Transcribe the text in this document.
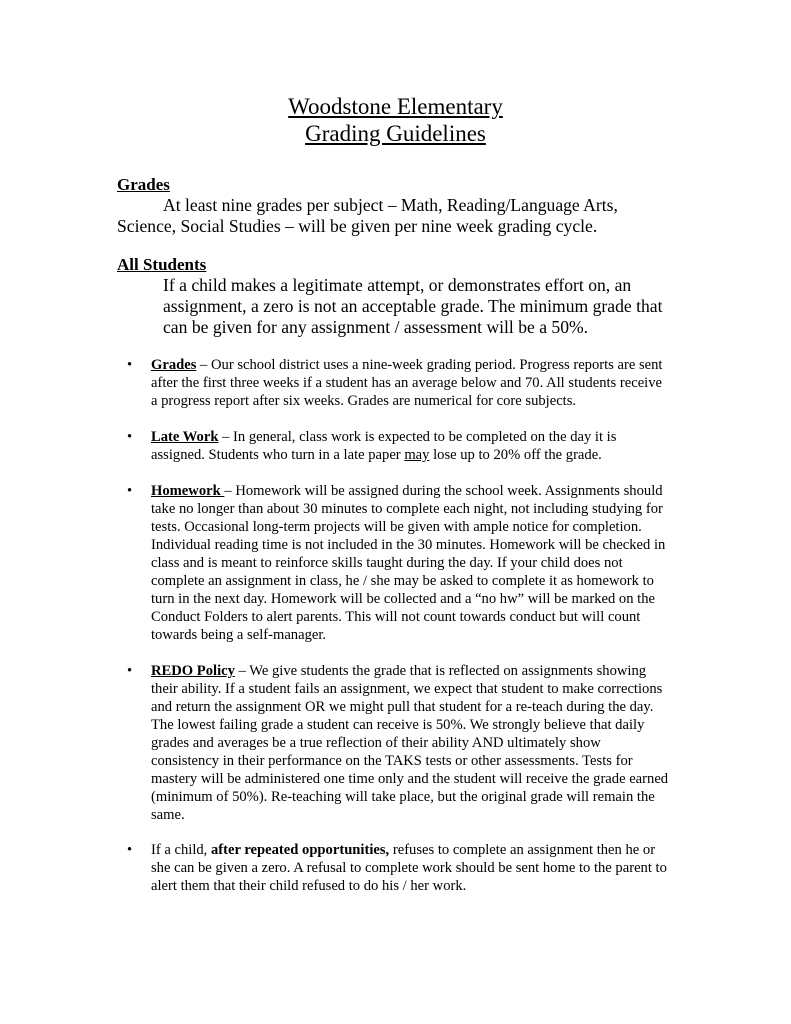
Woodstone Elementary
Grading Guidelines
Grades
At least nine grades per subject – Math, Reading/Language Arts, Science, Social Studies – will be given per nine week grading cycle.
All Students
If a child makes a legitimate attempt, or demonstrates effort on, an assignment, a zero is not an acceptable grade. The minimum grade that can be given for any assignment / assessment will be a 50%.
• Grades – Our school district uses a nine-week grading period. Progress reports are sent after the first three weeks if a student has an average below and 70. All students receive a progress report after six weeks. Grades are numerical for core subjects.
• Late Work – In general, class work is expected to be completed on the day it is assigned. Students who turn in a late paper may lose up to 20% off the grade.
• Homework – Homework will be assigned during the school week. Assignments should take no longer than about 30 minutes to complete each night, not including studying for tests. Occasional long-term projects will be given with ample notice for completion. Individual reading time is not included in the 30 minutes. Homework will be checked in class and is meant to reinforce skills taught during the day. If your child does not complete an assignment in class, he / she may be asked to complete it as homework to turn in the next day. Homework will be collected and a “no hw” will be marked on the Conduct Folders to alert parents. This will not count towards conduct but will count towards being a self-manager.
• REDO Policy – We give students the grade that is reflected on assignments showing their ability. If a student fails an assignment, we expect that student to make corrections and return the assignment OR we might pull that student for a re-teach during the day. The lowest failing grade a student can receive is 50%. We strongly believe that daily grades and averages be a true reflection of their ability AND ultimately show consistency in their performance on the TAKS tests or other assessments. Tests for mastery will be administered one time only and the student will receive the grade earned (minimum of 50%). Re-teaching will take place, but the original grade will remain the same.
• If a child, after repeated opportunities, refuses to complete an assignment then he or she can be given a zero. A refusal to complete work should be sent home to the parent to alert them that their child refused to do his / her work.
